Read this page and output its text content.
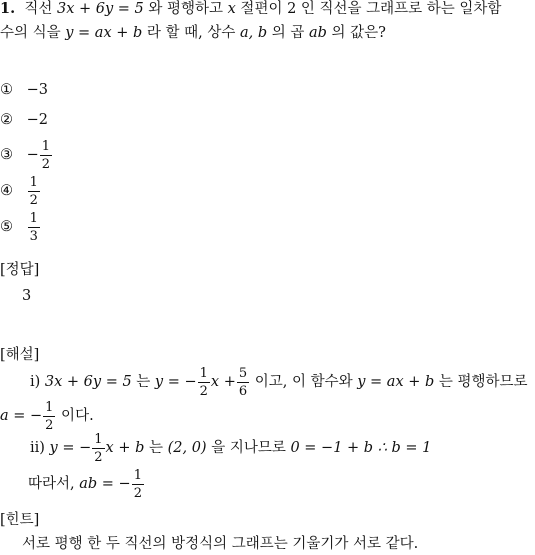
1. 직선 3x + 6y = 5 와 평행하고 x 절편이 2 인 직선을 그래프로 하는 일차함
수의 식을 y = ax + b 라 할 때, 상수 a, b 의 곱 ab 의 값은?
① −3
② −2
③ − $\frac{1}{2}$
④ $\frac{1}{2}$
⑤ $\frac{1}{3}$
[정답]
3
[해설]
ⅰ) 3x + 6y = 5 는 y = − $\frac{1}{2}$ $x + \frac{5}{6}$ 이고, 이 함수와 y = ax + b 는 평행하므로
a = − $\frac{1}{2}$ 이다.
ⅱ) y = − $\frac{1}{2}$ x + b 는 (2, 0) 을 지나므로 0 = −1 + b ∴ b = 1
따라서, ab = − $\frac{1}{2}$
[힌트]
서로 평행 한 두 직선의 방정식의 그래프는 기울기가 서로 같다.
